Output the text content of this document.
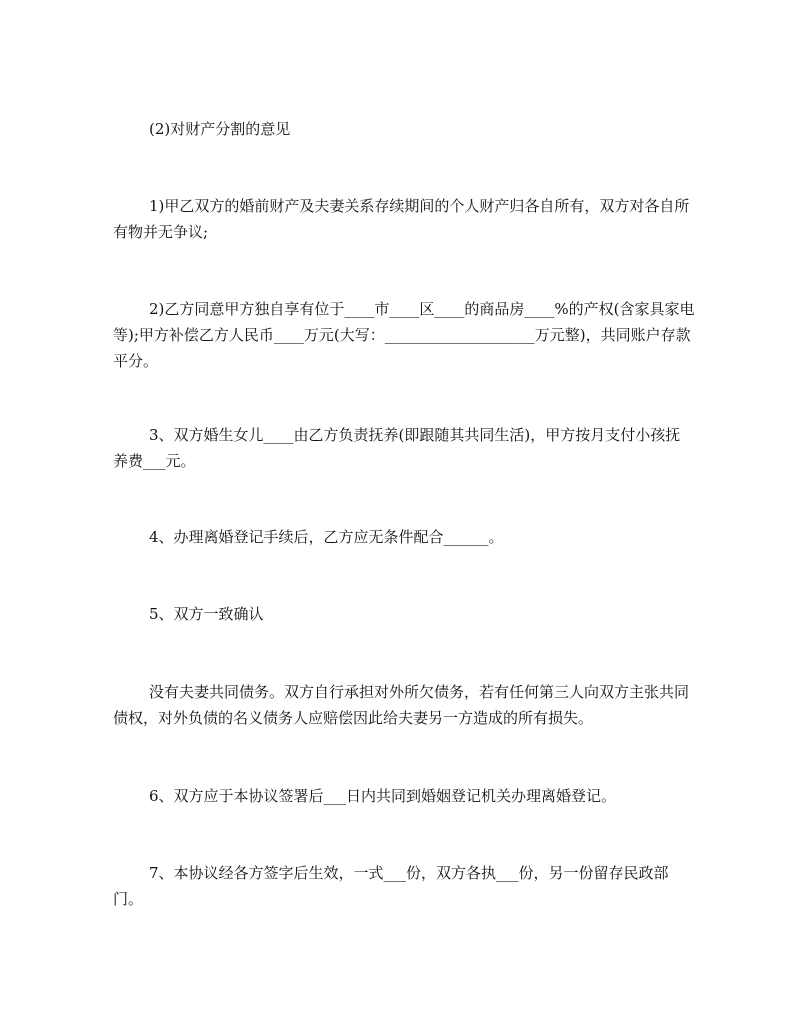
(2)对财产分割的意见

1)甲乙双方的婚前财产及夫妻关系存续期间的个人财产归各自所有，双方对各自所有物并无争议;

2)乙方同意甲方独自享有位于____市____区____的商品房____%的产权(含家具家电等);甲方补偿乙方人民币____万元(大写：____________________万元整)，共同账户存款平分。

3、双方婚生女儿____由乙方负责抚养(即跟随其共同生活)，甲方按月支付小孩抚养费___元。

4、办理离婚登记手续后，乙方应无条件配合______。

5、双方一致确认

没有夫妻共同债务。双方自行承担对外所欠债务，若有任何第三人向双方主张共同债权，对外负债的名义债务人应赔偿因此给夫妻另一方造成的所有损失。

6、双方应于本协议签署后___日内共同到婚姻登记机关办理离婚登记。

7、本协议经各方签字后生效，一式___份，双方各执___份，另一份留存民政部门。
